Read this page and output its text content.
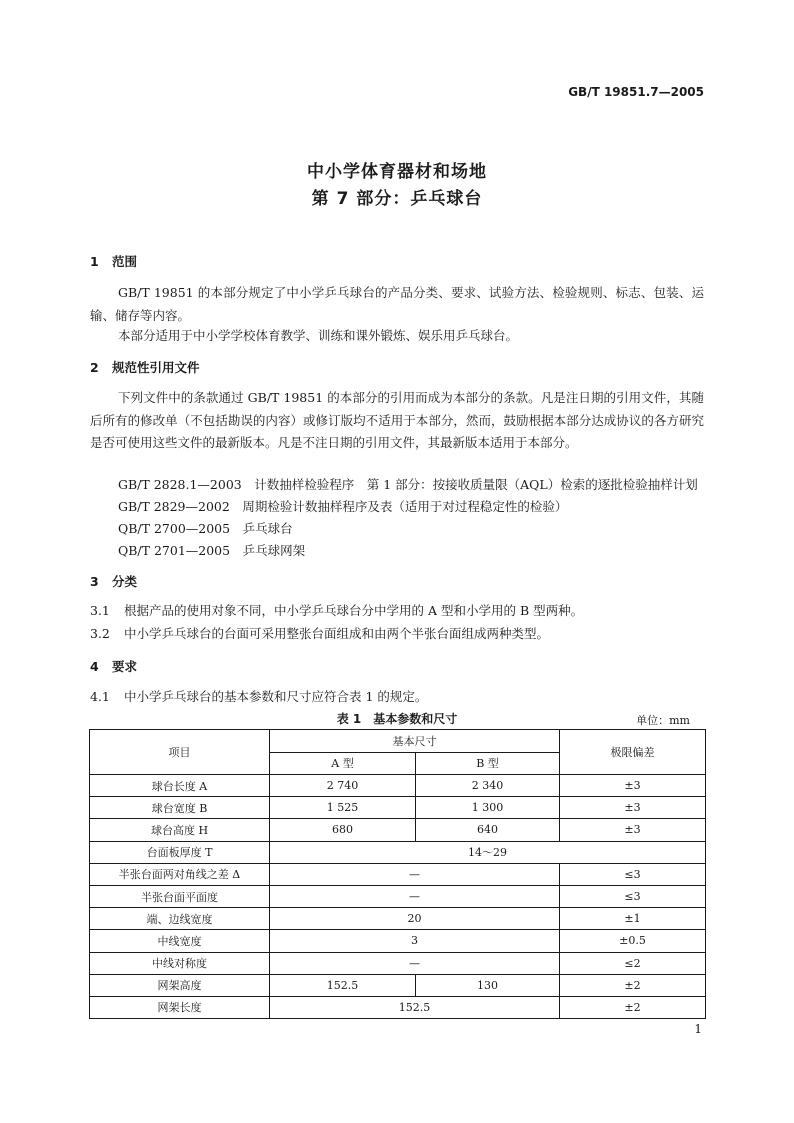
GB/T 19851.7—2005
中小学体育器材和场地
第 7 部分：乒乓球台
1 范围

GB/T 19851 的本部分规定了中小学乒乓球台的产品分类、要求、试验方法、检验规则、标志、包装、运输、储存等内容。

本部分适用于中小学学校体育教学、训练和课外锻炼、娱乐用乒乓球台。

2 规范性引用文件

下列文件中的条款通过 GB/T 19851 的本部分的引用而成为本部分的条款。凡是注日期的引用文件，其随后所有的修改单（不包括勘误的内容）或修订版均不适用于本部分，然而，鼓励根据本部分达成协议的各方研究是否可使用这些文件的最新版本。凡是不注日期的引用文件，其最新版本适用于本部分。

GB/T 2828.1—2003　计数抽样检验程序　第 1 部分：按接收质量限（AQL）检索的逐批检验抽样计划
GB/T 2829—2002　周期检验计数抽样程序及表（适用于对过程稳定性的检验）
QB/T 2700—2005　乒乓球台
QB/T 2701—2005　乒乓球网架
3 分类
3.1 根据产品的使用对象不同，中小学乒乓球台分中学用的 A 型和小学用的 B 型两种。
3.2 中小学乒乓球台的台面可采用整张台面组成和由两个半张台面组成两种类型。
4 要求
4.1 中小学乒乓球台的基本参数和尺寸应符合表 1 的规定。
表 1　基本参数和尺寸	单位：mm
项目	基本尺寸		极限偏差
	A 型	B 型	
球台长度 A	2 740	2 340	±3
球台宽度 B	1 525	1 300	±3
球台高度 H	680	640	±3
台面板厚度 T	14～29		
半张台面两对角线之差 Δ	—		≤3
半张台面平面度	—		≤3
端、边线宽度	20		±1
中线宽度	3		±0.5
中线对称度	—		≤2
网架高度	152.5	130	±2
网架长度	152.5		±2
1
